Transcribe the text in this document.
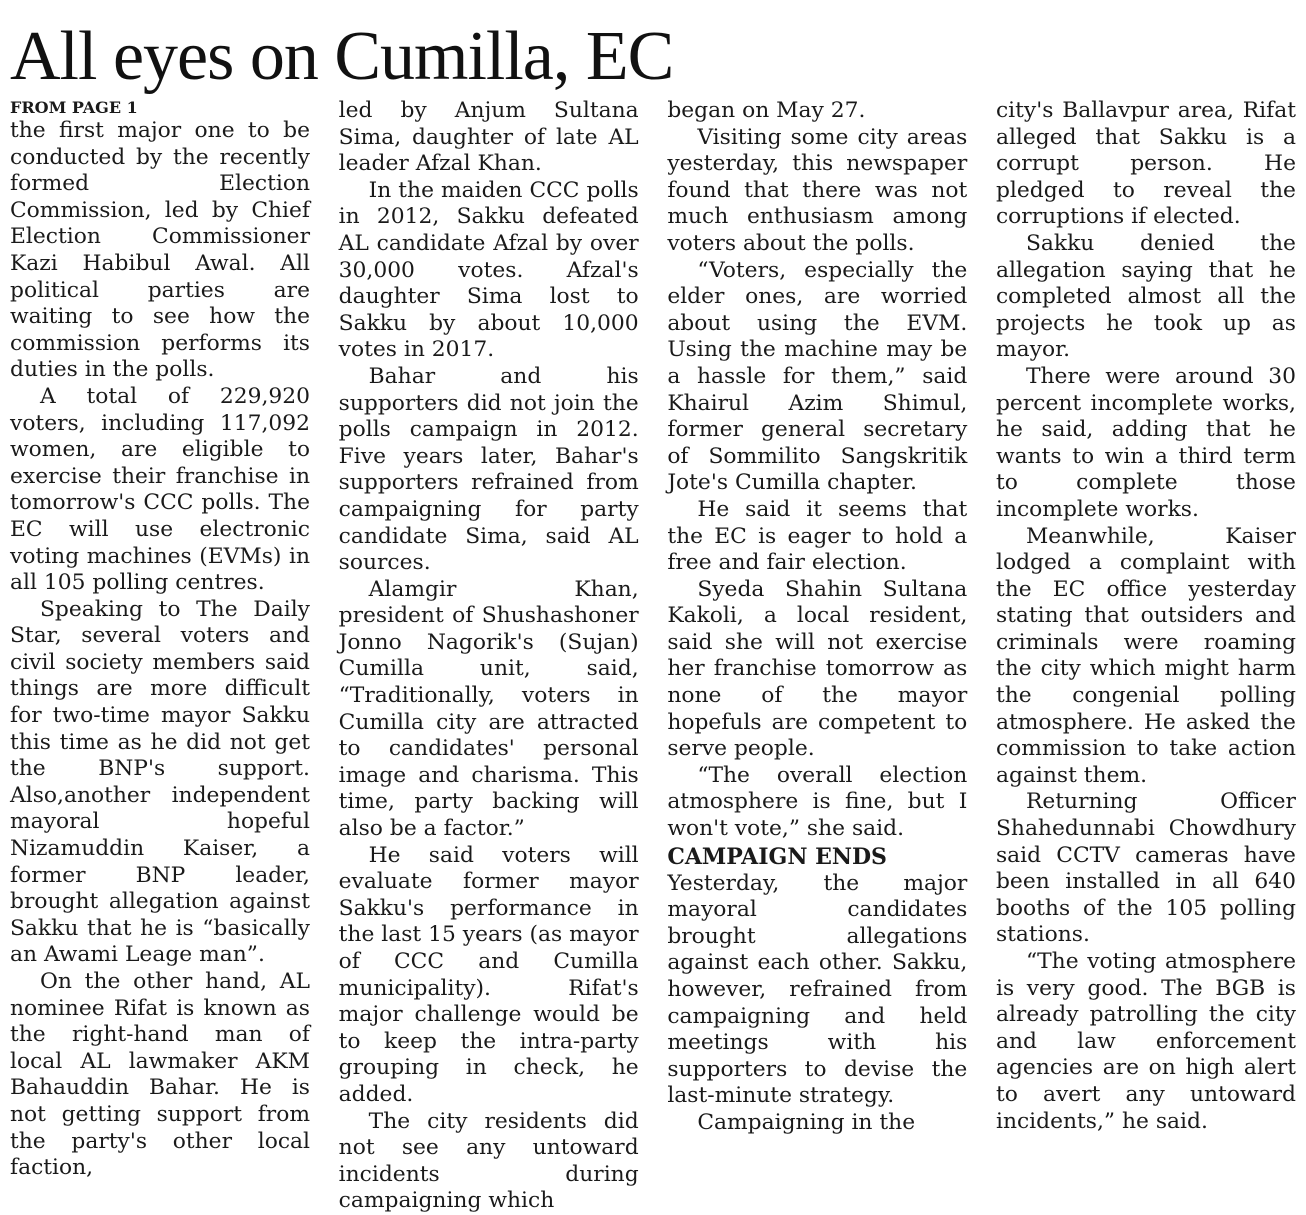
All eyes on Cumilla, EC
FROM PAGE 1

the first major one to be conducted by the recently formed Election Commission, led by Chief Election Commissioner Kazi Habibul Awal. All political parties are waiting to see how the commission performs its duties in the polls.

A total of 229,920 voters, including 117,092 women, are eligible to exercise their franchise in tomorrow's CCC polls. The EC will use electronic voting machines (EVMs) in all 105 polling centres.

Speaking to The Daily Star, several voters and civil society members said things are more difficult for two-time mayor Sakku this time as he did not get the BNP's support. Also,another independent mayoral hopeful Nizamuddin Kaiser, a former BNP leader, brought allegation against Sakku that he is “basically an Awami Leage man”.

On the other hand, AL nominee Rifat is known as the right-hand man of local AL lawmaker AKM Bahauddin Bahar. He is not getting support from the party's other local faction,

led by Anjum Sultana Sima, daughter of late AL leader Afzal Khan.

In the maiden CCC polls in 2012, Sakku defeated AL candidate Afzal by over 30,000 votes. Afzal's daughter Sima lost to Sakku by about 10,000 votes in 2017.

Bahar and his supporters did not join the polls campaign in 2012. Five years later, Bahar's supporters refrained from campaigning for party candidate Sima, said AL sources.

Alamgir Khan, president of Shushashoner Jonno Nagorik's (Sujan) Cumilla unit, said, “Traditionally, voters in Cumilla city are attracted to candidates' personal image and charisma. This time, party backing will also be a factor.”

He said voters will evaluate former mayor Sakku's performance in the last 15 years (as mayor of CCC and Cumilla municipality). Rifat's major challenge would be to keep the intra-party grouping in check, he added.

The city residents did not see any untoward incidents during campaigning which

began on May 27.

Visiting some city areas yesterday, this newspaper found that there was not much enthusiasm among voters about the polls.

“Voters, especially the elder ones, are worried about using the EVM. Using the machine may be a hassle for them,” said Khairul Azim Shimul, former general secretary of Sommilito Sangskritik Jote's Cumilla chapter.

He said it seems that the EC is eager to hold a free and fair election.

Syeda Shahin Sultana Kakoli, a local resident, said she will not exercise her franchise tomorrow as none of the mayor hopefuls are competent to serve people.

“The overall election atmosphere is fine, but I won't vote,” she said.

CAMPAIGN ENDS

Yesterday, the major mayoral candidates brought allegations against each other. Sakku, however, refrained from campaigning and held meetings with his supporters to devise the last-minute strategy.

Campaigning in the

city's Ballavpur area, Rifat alleged that Sakku is a corrupt person. He pledged to reveal the corruptions if elected.

Sakku denied the allegation saying that he completed almost all the projects he took up as mayor.

There were around 30 percent incomplete works, he said, adding that he wants to win a third term to complete those incomplete works.

Meanwhile, Kaiser lodged a complaint with the EC office yesterday stating that outsiders and criminals were roaming the city which might harm the congenial polling atmosphere. He asked the commission to take action against them.

Returning Officer Shahedunnabi Chowdhury said CCTV cameras have been installed in all 640 booths of the 105 polling stations.

“The voting atmosphere is very good. The BGB is already patrolling the city and law enforcement agencies are on high alert to avert any untoward incidents,” he said.
